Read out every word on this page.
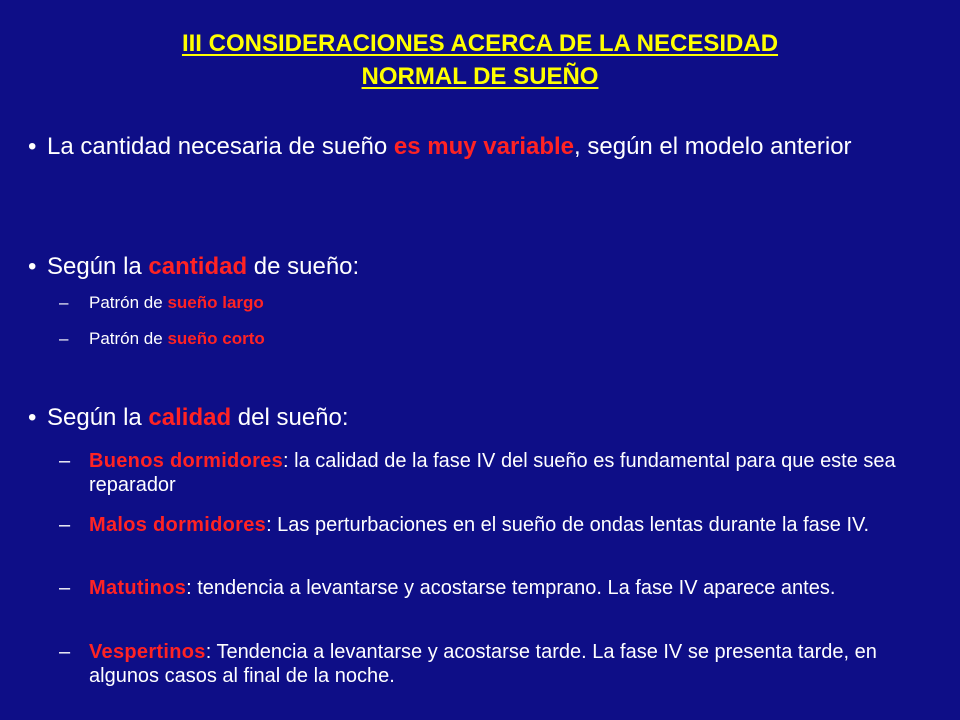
III CONSIDERACIONES ACERCA DE LA NECESIDAD
NORMAL DE SUEÑO
• La cantidad necesaria de sueño es muy variable, según el modelo anterior
• Según la cantidad de sueño:
–	Patrón de sueño largo
–	Patrón de sueño corto
• Según la calidad del sueño:
– Buenos dormidores: la calidad de la fase IV del sueño es fundamental para que este sea reparador
– Malos dormidores: Las perturbaciones en el sueño de ondas lentas durante la fase IV.
– Matutinos: tendencia a levantarse y acostarse temprano. La fase IV aparece antes.
– Vespertinos: Tendencia a levantarse y acostarse tarde. La fase IV se presenta tarde, en algunos casos al final de la noche.
